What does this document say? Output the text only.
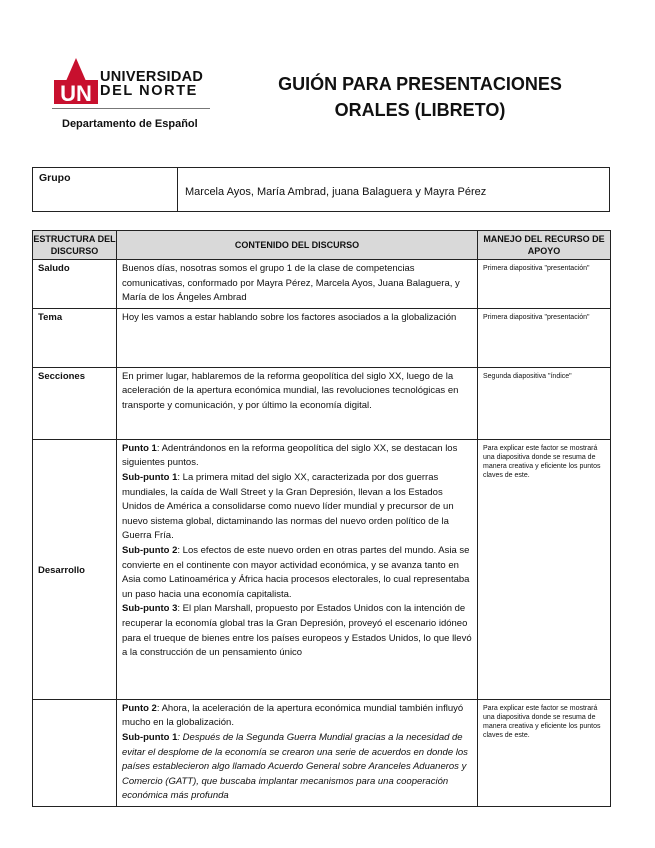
UN
UNIVERSIDAD
DEL NORTE
Departamento de Español
GUIÓN PARA PRESENTACIONES
ORALES (LIBRETO)
Grupo
Marcela Ayos, María Ambrad, juana Balaguera y Mayra Pérez
ESTRUCTURA DEL DISCURSO	CONTENIDO DEL DISCURSO	MANEJO DEL RECURSO DE APOYO
Saludo	Buenos días, nosotras somos el grupo 1 de la clase de competencias comunicativas, conformado por Mayra Pérez, Marcela Ayos, Juana Balaguera, y María de los Ángeles Ambrad	Primera diapositiva "presentación"
Tema	Hoy les vamos a estar hablando sobre los factores asociados a la globalización	Primera diapositiva "presentación"
Secciones	En primer lugar, hablaremos de la reforma geopolítica del siglo XX, luego de la aceleración de la apertura económica mundial, las revoluciones tecnológicas en transporte y comunicación, y por último la economía digital.	Segunda diapositiva "índice"
Desarrollo	Punto 1: Adentrándonos en la reforma geopolítica del siglo XX, se destacan los siguientes puntos.

Sub-punto 1: La primera mitad del siglo XX, caracterizada por dos guerras mundiales, la caída de Wall Street y la Gran Depresión, llevan a los Estados Unidos de América a consolidarse como nuevo líder mundial y precursor de un nuevo sistema global, dictaminando las normas del nuevo orden político de la Guerra Fría.

Sub-punto 2: Los efectos de este nuevo orden en otras partes del mundo. Asia se convierte en el continente con mayor actividad económica, y se avanza tanto en Asia como Latinoamérica y África hacia procesos electorales, lo cual representaba un paso hacia una economía capitalista.

Sub-punto 3: El plan Marshall, propuesto por Estados Unidos con la intención de recuperar la economía global tras la Gran Depresión, proveyó el escenario idóneo para el trueque de bienes entre los países europeos y Estados Unidos, lo que llevó a la construcción de un pensamiento único	Para explicar este factor se mostrará una diapositiva donde se resuma de manera creativa y eficiente los puntos claves de este.

	Punto 2: Ahora, la aceleración de la apertura económica mundial también influyó mucho en la globalización.

Sub-punto 1: Después de la Segunda Guerra Mundial gracias a la necesidad de evitar el desplome de la economía se crearon una serie de acuerdos en donde los países establecieron algo llamado Acuerdo General sobre Aranceles Aduaneros y Comercio (GATT), que buscaba implantar mecanismos para una cooperación económica más profunda	Para explicar este factor se mostrará una diapositiva donde se resuma de manera creativa y eficiente los puntos claves de este.
